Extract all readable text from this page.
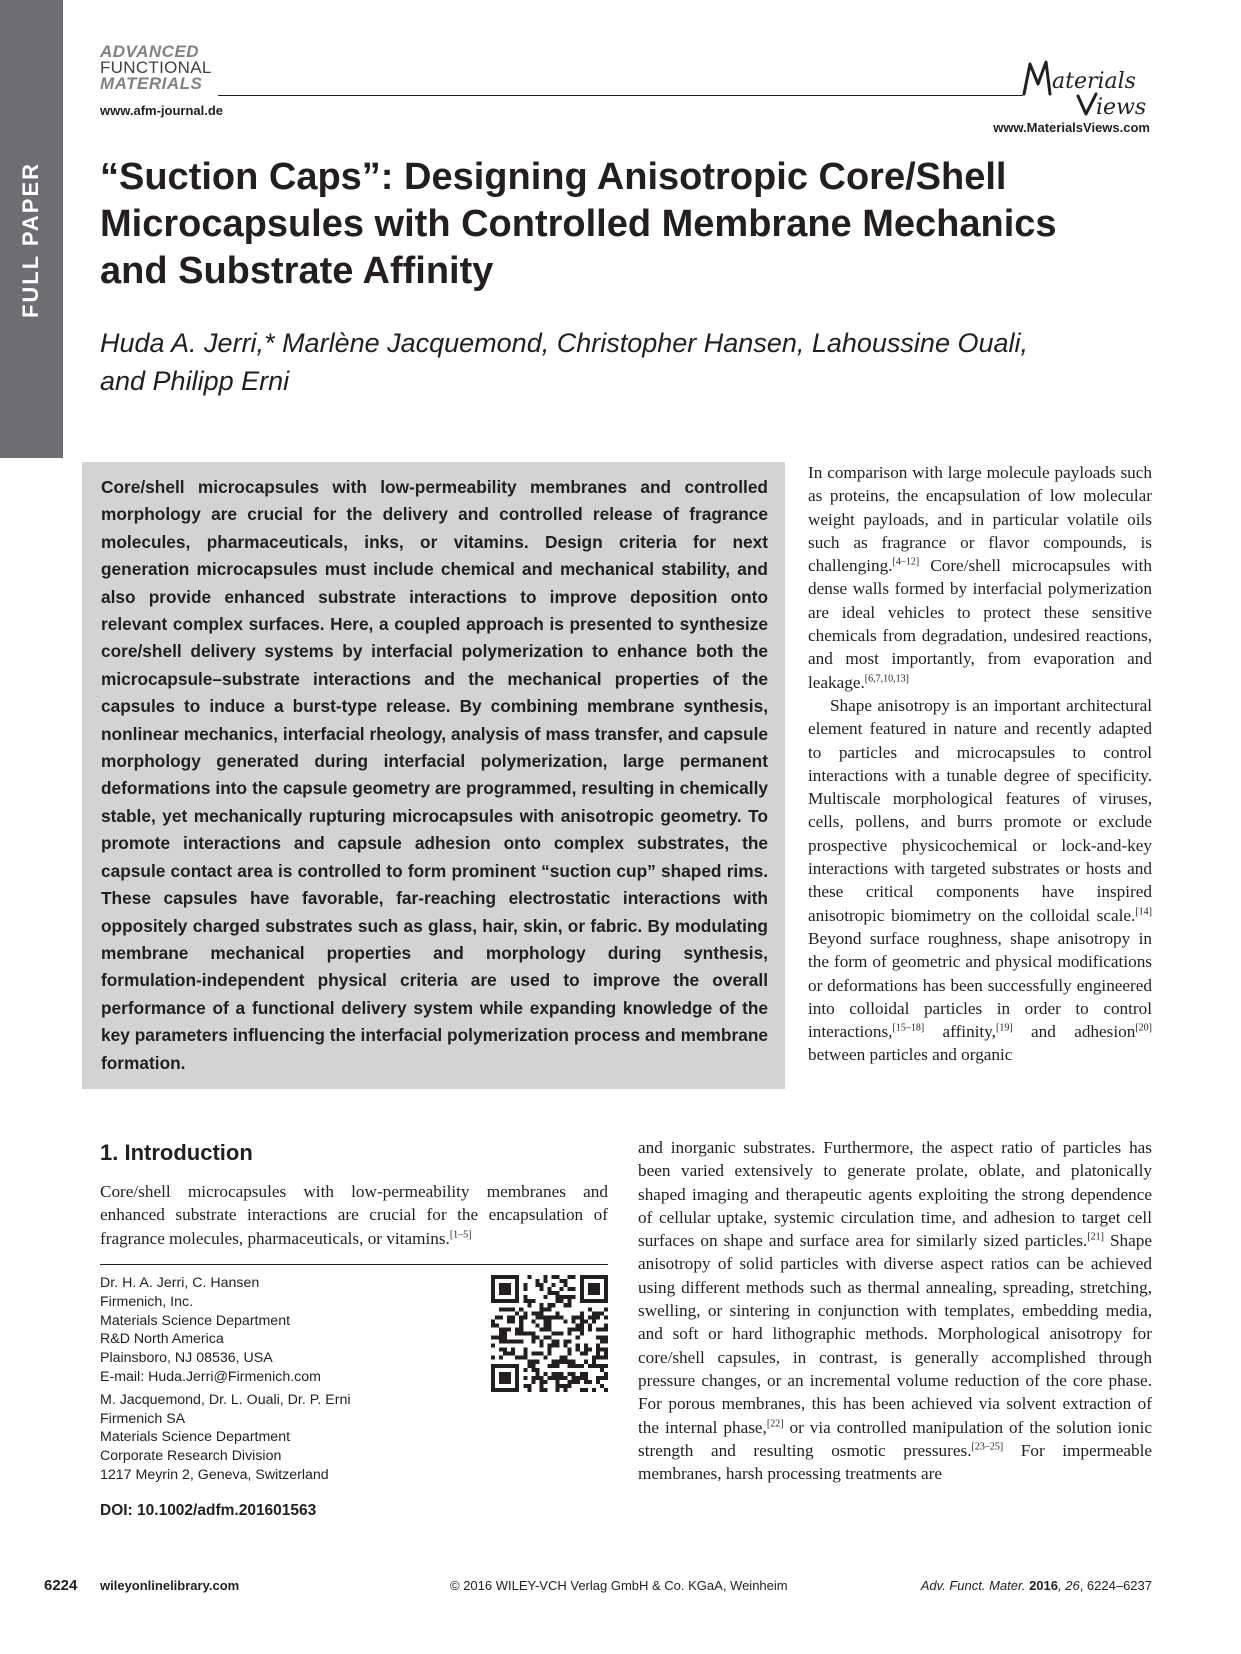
FULL PAPER
ADVANCED
FUNCTIONAL
MATERIALS
www.afm-journal.de
aterials
iews
www.MaterialsViews.com
“Suction Caps”: Designing Anisotropic Core/Shell Microcapsules with Controlled Membrane Mechanics and Substrate Affinity
Huda A. Jerri,* Marlène Jacquemond, Christopher Hansen, Lahoussine Ouali,
and Philipp Erni
Core/shell microcapsules with low-permeability membranes and controlled morphology are crucial for the delivery and controlled release of fragrance molecules, pharmaceuticals, inks, or vitamins. Design criteria for next generation microcapsules must include chemical and mechanical stability, and also provide enhanced substrate interactions to improve deposition onto relevant complex surfaces. Here, a coupled approach is presented to synthesize core/shell delivery systems by interfacial polymerization to enhance both the microcapsule–substrate interactions and the mechanical properties of the capsules to induce a burst-type release. By combining membrane synthesis, nonlinear mechanics, interfacial rheology, analysis of mass transfer, and capsule morphology generated during interfacial polymerization, large permanent deformations into the capsule geometry are programmed, resulting in chemically stable, yet mechanically rupturing microcapsules with anisotropic geometry. To promote interactions and capsule adhesion onto complex substrates, the capsule contact area is controlled to form prominent “suction cup” shaped rims. These capsules have favorable, far-reaching electrostatic interactions with oppositely charged substrates such as glass, hair, skin, or fabric. By modulating membrane mechanical properties and morphology during synthesis, formulation-independent physical criteria are used to improve the overall performance of a functional delivery system while expanding knowledge of the key parameters influencing the interfacial polymerization process and membrane formation.

In comparison with large molecule payloads such as proteins, the encapsulation of low molecular weight payloads, and in particular volatile oils such as fragrance or flavor compounds, is challenging.[4–12] Core/shell microcapsules with dense walls formed by interfacial polymerization are ideal vehicles to protect these sensitive chemicals from degradation, undesired reactions, and most importantly, from evaporation and leakage.[6,7,10,13]

Shape anisotropy is an important architectural element featured in nature and recently adapted to particles and microcapsules to control interactions with a tunable degree of specificity. Multiscale morphological features of viruses, cells, pollens, and burrs promote or exclude prospective physicochemical or lock-and-key interactions with targeted substrates or hosts and these critical components have inspired anisotropic biomimetry on the colloidal scale.[14] Beyond surface roughness, shape anisotropy in the form of geometric and physical modifications or deformations has been successfully engineered into colloidal particles in order to control interactions,[15–18] affinity,[19] and adhesion[20] between particles and organic

and inorganic substrates. Furthermore, the aspect ratio of particles has been varied extensively to generate prolate, oblate, and platonically shaped imaging and therapeutic agents exploiting the strong dependence of cellular uptake, systemic circulation time, and adhesion to target cell surfaces on shape and surface area for similarly sized particles.[21] Shape anisotropy of solid particles with diverse aspect ratios can be achieved using different methods such as thermal annealing, spreading, stretching, swelling, or sintering in conjunction with templates, embedding media, and soft or hard lithographic methods. Morphological anisotropy for core/shell capsules, in contrast, is generally accomplished through pressure changes, or an incremental volume reduction of the core phase. For porous membranes, this has been achieved via solvent extraction of the internal phase,[22] or via controlled manipulation of the solution ionic strength and resulting osmotic pressures.[23–25] For impermeable membranes, harsh processing treatments are

1. Introduction

Core/shell microcapsules with low-permeability membranes and enhanced substrate interactions are crucial for the encapsulation of fragrance molecules, pharmaceuticals, or vitamins.[1–5]

Dr. H. A. Jerri, C. Hansen
Firmenich, Inc.
Materials Science Department
R&D North America
Plainsboro, NJ 08536, USA
E-mail: Huda.Jerri@Firmenich.com
M. Jacquemond, Dr. L. Ouali, Dr. P. Erni
Firmenich SA
Materials Science Department
Corporate Research Division
1217 Meyrin 2, Geneva, Switzerland
DOI: 10.1002/adfm.201601563
6224 wileyonlinelibrary.com	© 2016 WILEY-VCH Verlag GmbH & Co. KGaA, Weinheim	Adv. Funct. Mater. 2016, 26, 6224–6237
